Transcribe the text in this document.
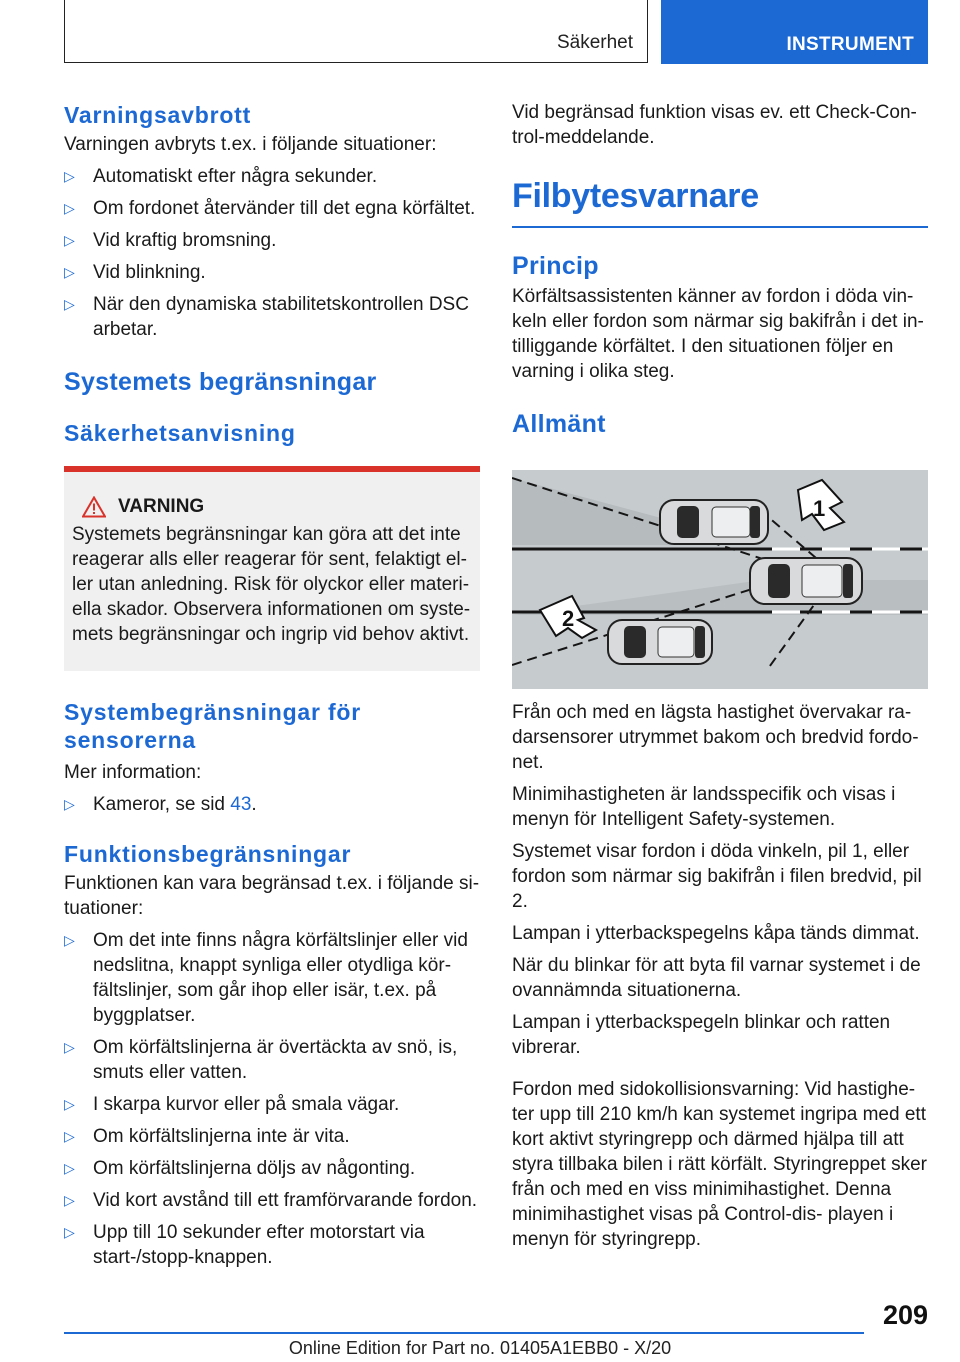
Säkerhet	INSTRUMENT
Varningsavbrott

Varningen avbryts t.ex. i följande situationer:

▷ Automatiskt efter några sekunder.
▷ Om fordonet återvänder till det egna körfältet.
▷ Vid kraftig bromsning.
▷ Vid blinkning.
▷ När den dynamiska stabilitetskontrollen DSC arbetar.
Systemets begränsningar
Säkerhetsanvisning
VARNING

Systemets begränsningar kan göra att det inte reagerar alls eller reagerar för sent, felaktigt el- ler utan anledning. Risk för olyckor eller materi- ella skador. Observera informationen om syste- mets begränsningar och ingrip vid behov aktivt.

Systembegränsningar för sensorerna

Mer information:

▷ Kameror, se sid 43.
Funktionsbegränsningar

Funktionen kan vara begränsad t.ex. i följande si- tuationer:

▷ Om det inte finns några körfältslinjer eller vid nedslitna, knappt synliga eller otydliga kör- fältslinjer, som går ihop eller isär, t.ex. på byggplatser.
▷ Om körfältslinjerna är övertäckta av snö, is, smuts eller vatten.
▷ I skarpa kurvor eller på smala vägar.
▷ Om körfältslinjerna inte är vita.
▷ Om körfältslinjerna döljs av någonting.
▷ Vid kort avstånd till ett framförvarande fordon.
▷ Upp till 10 sekunder efter motorstart via start-/stopp-knappen.

Vid begränsad funktion visas ev. ett Check-Con- trol-meddelande.

Filbytesvarnare
Princip

Körfältsassistenten känner av fordon i döda vin- keln eller fordon som närmar sig bakifrån i det in- tilliggande körfältet. I den situationen följer en varning i olika steg.

Allmänt
1
2

Från och med en lägsta hastighet övervakar ra- darsensorer utrymmet bakom och bredvid fordo- net.

Minimihastigheten är landsspecifik och visas i menyn för Intelligent Safety-systemen.

Systemet visar fordon i döda vinkeln, pil 1, eller fordon som närmar sig bakifrån i filen bredvid, pil 2.

Lampan i ytterbackspegelns kåpa tänds dimmat.

När du blinkar för att byta fil varnar systemet i de ovannämnda situationerna.

Lampan i ytterbackspegeln blinkar och ratten vibrerar.

Fordon med sidokollisionsvarning: Vid hastighe- ter upp till 210 km/h kan systemet ingripa med ett kort aktivt styringrepp och därmed hjälpa till att styra tillbaka bilen i rätt körfält. Styringreppet sker från och med en viss minimihastighet. Denna minimihastighet visas på Control-dis- playen i menyn för styringrepp.

209
Online Edition for Part no. 01405A1EBB0 - X/20
